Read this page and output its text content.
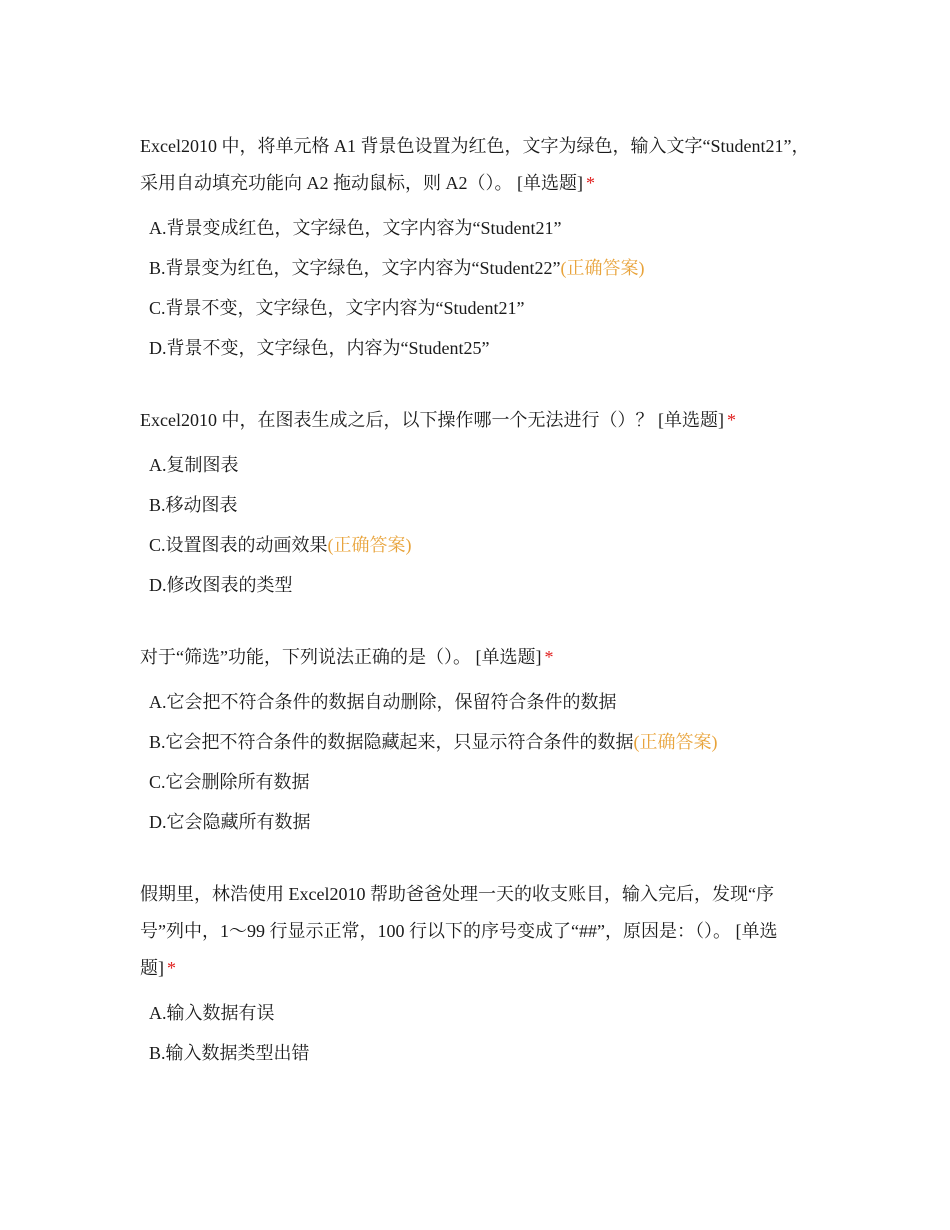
Excel2010 中，将单元格 A1 背景色设置为红色，文字为绿色，输入文字“Student21”，采用自动填充功能向 A2 拖动鼠标，则 A2（）。 [单选题] *

A.背景变成红色，文字绿色，文字内容为“Student21”
B.背景变为红色，文字绿色，文字内容为“Student22”(正确答案)
C.背景不变，文字绿色，文字内容为“Student21”
D.背景不变，文字绿色，内容为“Student25”

Excel2010 中，在图表生成之后，以下操作哪一个无法进行（）？ [单选题] *

A.复制图表
B.移动图表
C.设置图表的动画效果(正确答案)
D.修改图表的类型

对于“筛选”功能，下列说法正确的是（）。 [单选题] *

A.它会把不符合条件的数据自动删除，保留符合条件的数据
B.它会把不符合条件的数据隐藏起来，只显示符合条件的数据(正确答案)
C.它会删除所有数据
D.它会隐藏所有数据

假期里，林浩使用 Excel2010 帮助爸爸处理一天的收支账目，输入完后，发现“序号”列中，1～99 行显示正常，100 行以下的序号变成了“##”，原因是：（）。 [单选题] *

A.输入数据有误
B.输入数据类型出错
